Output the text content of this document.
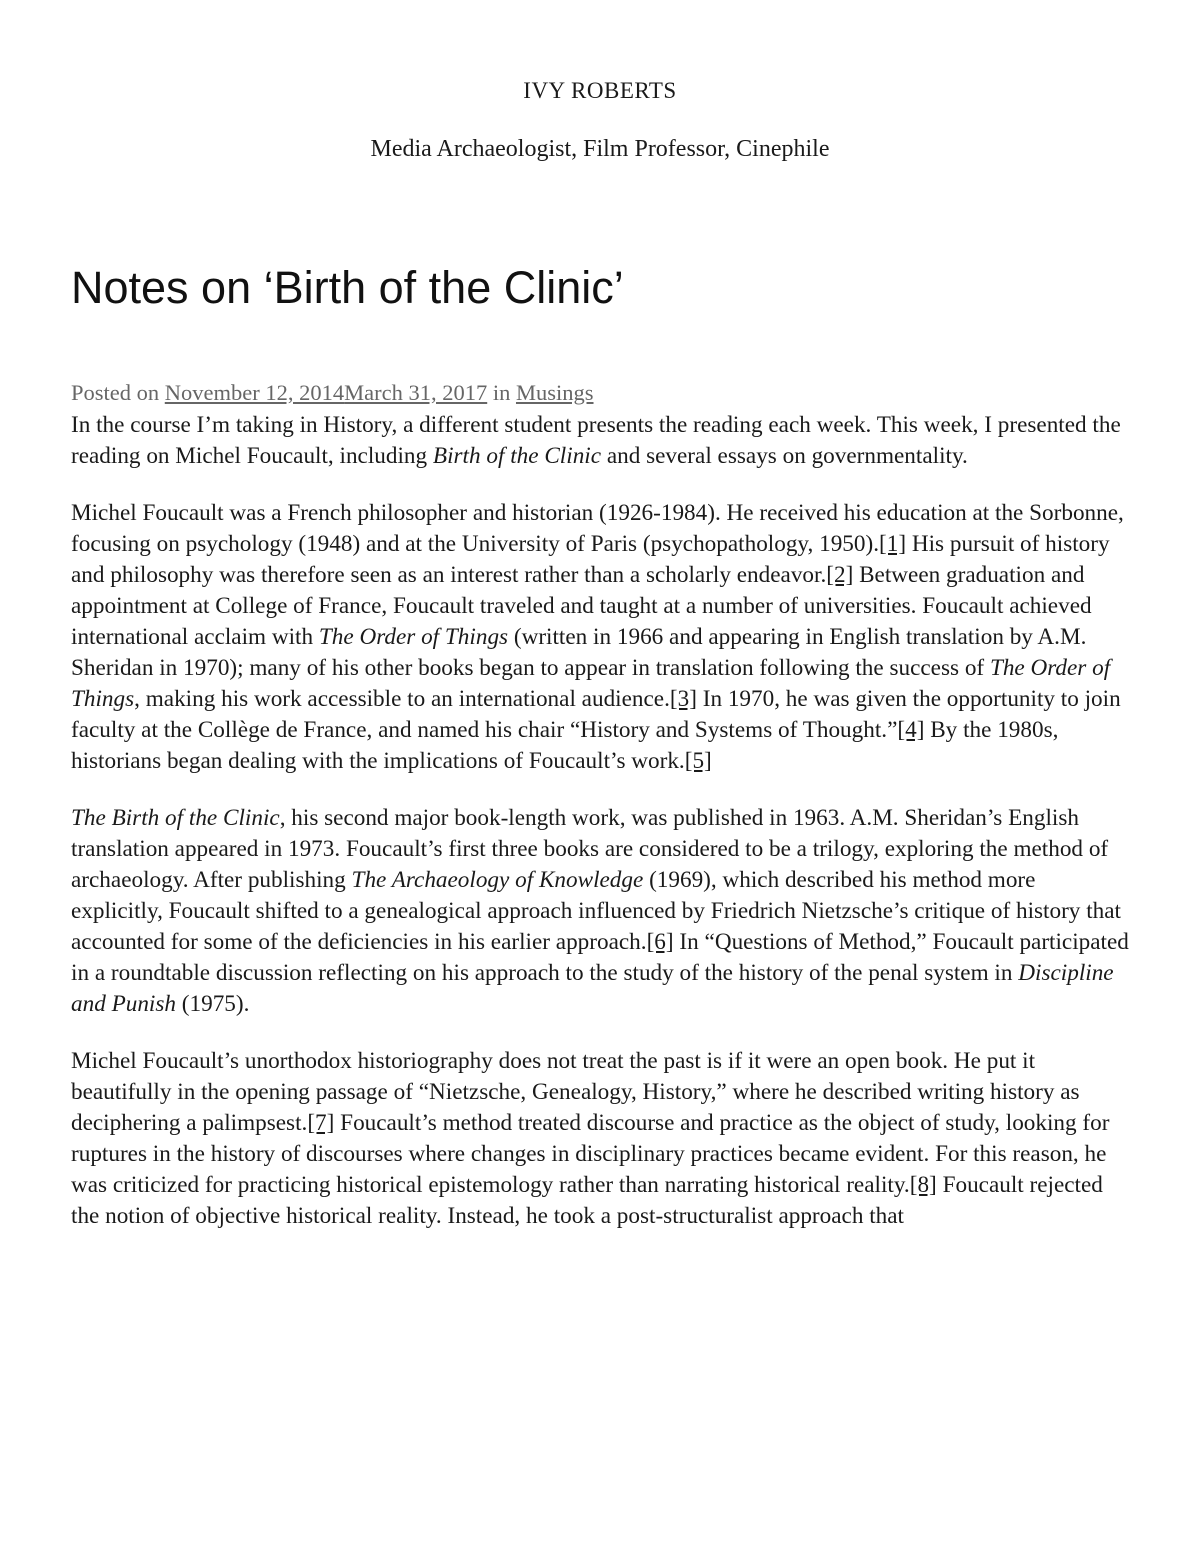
IVY ROBERTS
Media Archaeologist, Film Professor, Cinephile
Notes on ‘Birth of the Clinic’
Posted on November 12, 2014March 31, 2017 in Musings

In the course I’m taking in History, a different student presents the reading each week. This week, I presented the reading on Michel Foucault, including Birth of the Clinic and several essays on governmentality.

Michel Foucault was a French philosopher and historian (1926-1984). He received his education at the Sorbonne, focusing on psychology (1948) and at the University of Paris (psychopathology, 1950).[1] His pursuit of history and philosophy was therefore seen as an interest rather than a scholarly endeavor.[2] Between graduation and appointment at College of France, Foucault traveled and taught at a number of universities. Foucault achieved international acclaim with The Order of Things (written in 1966 and appearing in English translation by A.M. Sheridan in 1970); many of his other books began to appear in translation following the success of The Order of Things, making his work accessible to an international audience.[3] In 1970, he was given the opportunity to join faculty at the Collège de France, and named his chair “History and Systems of Thought.”[4] By the 1980s, historians began dealing with the implications of Foucault’s work.[5]

The Birth of the Clinic, his second major book-length work, was published in 1963. A.M. Sheridan’s English translation appeared in 1973. Foucault’s first three books are considered to be a trilogy, exploring the method of archaeology. After publishing The Archaeology of Knowledge (1969), which described his method more explicitly, Foucault shifted to a genealogical approach influenced by Friedrich Nietzsche’s critique of history that accounted for some of the deficiencies in his earlier approach.[6] In “Questions of Method,” Foucault participated in a roundtable discussion reflecting on his approach to the study of the history of the penal system in Discipline and Punish (1975).

Michel Foucault’s unorthodox historiography does not treat the past is if it were an open book. He put it beautifully in the opening passage of “Nietzsche, Genealogy, History,” where he described writing history as deciphering a palimpsest.[7] Foucault’s method treated discourse and practice as the object of study, looking for ruptures in the history of discourses where changes in disciplinary practices became evident. For this reason, he was criticized for practicing historical epistemology rather than narrating historical reality.[8] Foucault rejected the notion of objective historical reality. Instead, he took a post-structuralist approach that
